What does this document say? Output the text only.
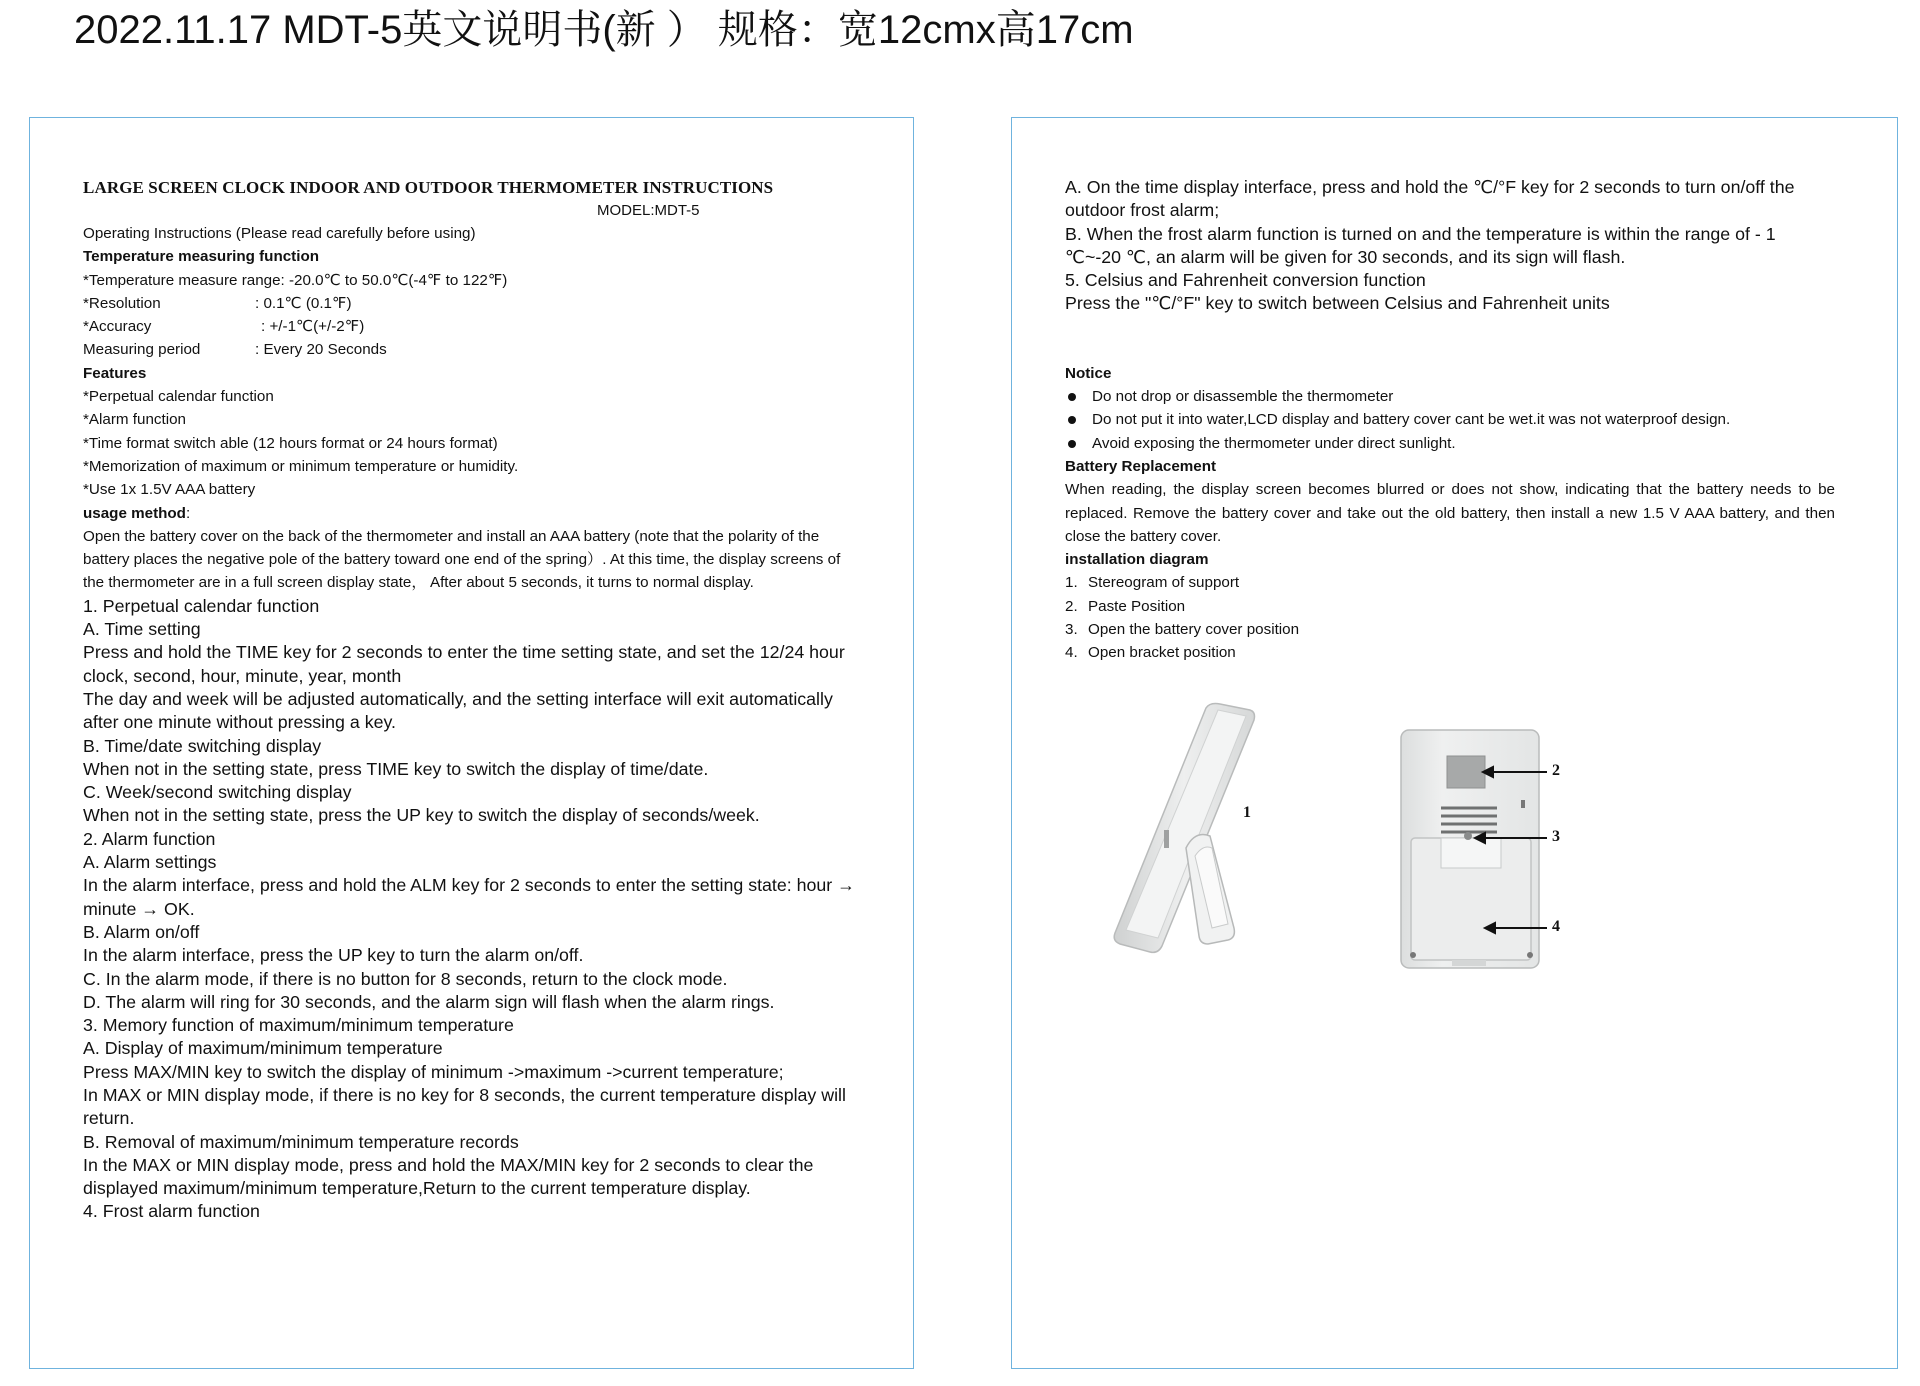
2022.11.17 MDT-5英文说明书(新 ） 规格：宽12cmx高17cm
LARGE SCREEN CLOCK INDOOR AND OUTDOOR THERMOMETER INSTRUCTIONS
MODEL:MDT-5
Operating Instructions (Please read carefully before using)
Temperature measuring function
*Temperature measure range: -20.0℃ to 50.0℃(-4℉ to 122℉)
*Resolution	: 0.1℃ (0.1℉)
*Accuracy	: +/-1℃(+/-2℉)
Measuring period	: Every 20 Seconds
Features
*Perpetual calendar function
*Alarm function
*Time format switch able (12 hours format or 24 hours format)
*Memorization of maximum or minimum temperature or humidity.
*Use 1x 1.5V AAA battery
usage method:
Open the battery cover on the back of the thermometer and install an AAA battery (note that the polarity of the battery places the negative pole of the battery toward one end of the spring）. At this time, the display screens of the thermometer are in a full screen display state， After about 5 seconds, it turns to normal display.
1. Perpetual calendar function
A. Time setting
Press and hold the TIME key for 2 seconds to enter the time setting state, and set the 12/24 hour clock, second, hour, minute, year, month
The day and week will be adjusted automatically, and the setting interface will exit automatically after one minute without pressing a key.
B. Time/date switching display
When not in the setting state, press TIME key to switch the display of time/date.
C. Week/second switching display
When not in the setting state, press the UP key to switch the display of seconds/week.
2. Alarm function
A. Alarm settings
In the alarm interface, press and hold the ALM key for 2 seconds to enter the setting state: hour → minute → OK.
B. Alarm on/off
In the alarm interface, press the UP key to turn the alarm on/off.
C. In the alarm mode, if there is no button for 8 seconds, return to the clock mode.
D. The alarm will ring for 30 seconds, and the alarm sign will flash when the alarm rings.
3. Memory function of maximum/minimum temperature
A. Display of maximum/minimum temperature
Press MAX/MIN key to switch the display of minimum ->maximum ->current temperature;
In MAX or MIN display mode, if there is no key for 8 seconds, the current temperature display will return.
B. Removal of maximum/minimum temperature records
In the MAX or MIN display mode, press and hold the MAX/MIN key for 2 seconds to clear the displayed maximum/minimum temperature,Return to the current temperature display.
4. Frost alarm function
A. On the time display interface, press and hold the ℃/°F key for 2 seconds to turn on/off the outdoor frost alarm;
B. When the frost alarm function is turned on and the temperature is within the range of - 1 ℃~-20 ℃, an alarm will be given for 30 seconds, and its sign will flash.
5. Celsius and Fahrenheit conversion function
Press the "℃/°F" key to switch between Celsius and Fahrenheit units
Notice
Do not drop or disassemble the thermometer
Do not put it into water,LCD display and battery cover cant be wet.it was not waterproof design.
Avoid exposing the thermometer under direct sunlight.
Battery Replacement
When reading, the display screen becomes blurred or does not show, indicating that the battery needs to be replaced. Remove the battery cover and take out the old battery, then install a new 1.5 V AAA battery, and then close the battery cover.
installation diagram
1. Stereogram of support
2. Paste Position
3. Open the battery cover position
4. Open bracket position
1
2
3
4
